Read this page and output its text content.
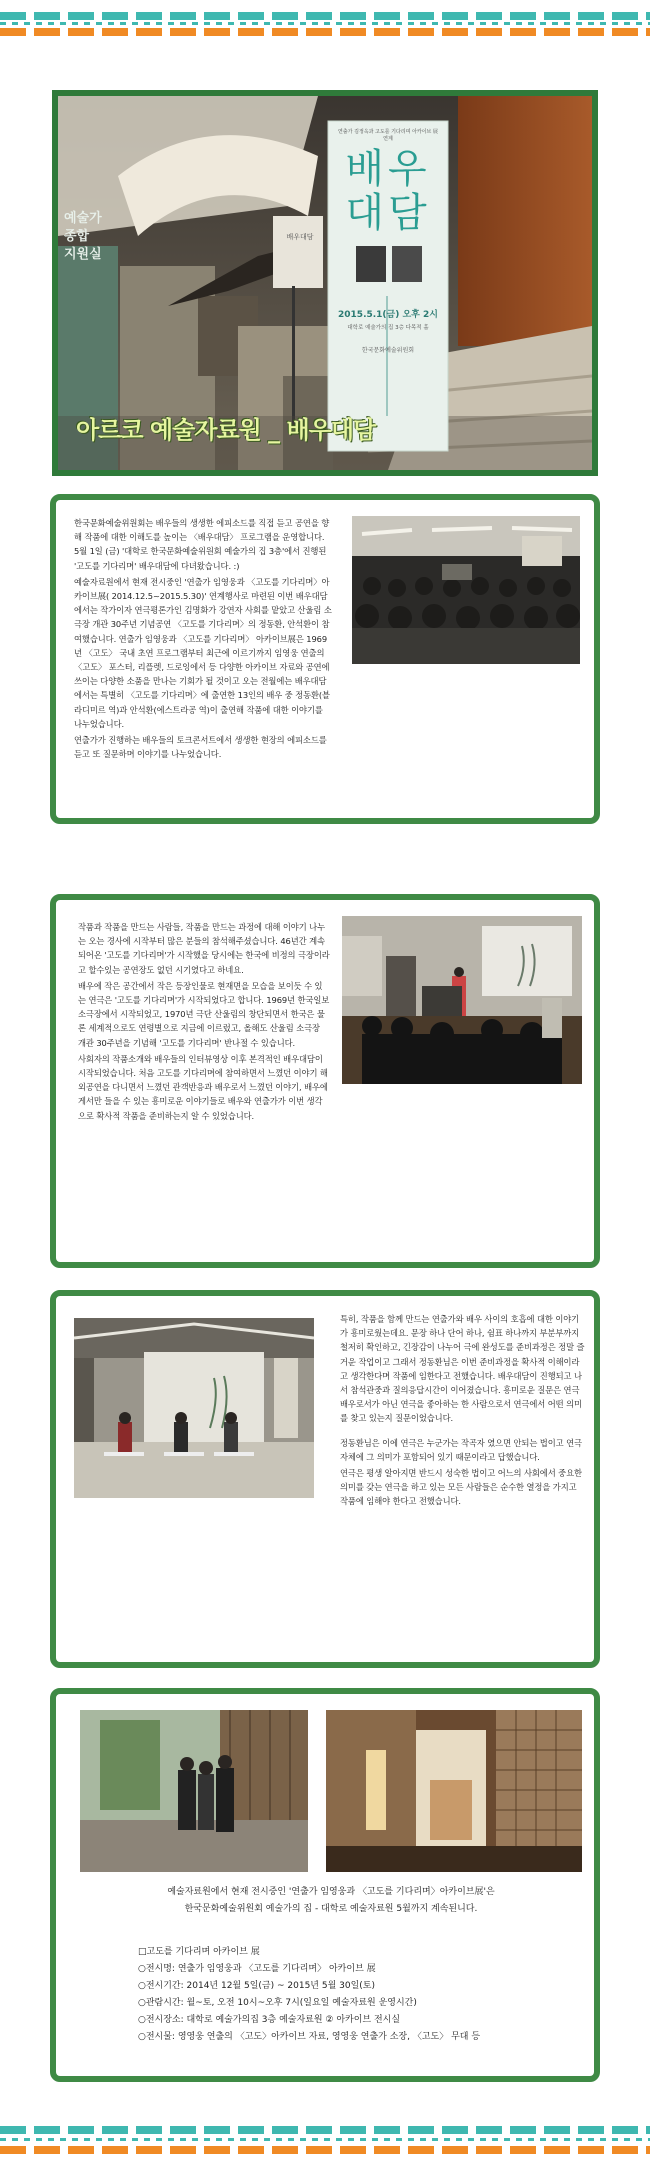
예술가
종합
지원실
배우대담
연출가 김정옥과 고도를 기다리며 아카이브 展 연계
배우
대담
2015.5.1(금) 오후 2시
대학로 예술가의 집 3층 다목적 홀
한국문화예술위원회
아르코 예술자료원 _ 배우대담

한국문화예술위원회는 배우들의 생생한 에피소드를 직접 듣고 공연을 향해 작품에 대한 이해도를 높이는 〈배우대담〉 프로그램을 운영합니다. 5월 1일 (금) '대학로 한국문화예술위원회 예술가의 집 3층'에서 진행된 '고도를 기다리며' 배우대담에 다녀왔습니다. :)

예술자료원에서 현재 전시중인 '연출가 임영웅과 〈고도를 기다리며〉아카이브展( 2014.12.5~2015.5.30)' 연계행사로 마련된 이번 배우대담에서는 작가이자 연극평론가인 김명화가 강연자 사회를 맡았고 산울림 소극장 개관 30주년 기념공연 〈고도를 기다리며〉의 정동환, 안석환이 참여했습니다. 연출가 임영웅과 〈고도를 기다리며〉 아카이브展은 1969년 〈고도〉 국내 초연 프로그램부터 최근에 이르기까지 임영웅 연출의 〈고도〉 포스터, 리플렛, 드로잉에서 등 다양한 아카이브 자료와 공연에 쓰이는 다양한 소품을 만나는 기회가 될 것이고 오는 전월에는 배우대담에서는 특별히 〈고도를 기다리며〉에 출연한 13인의 배우 중 정동환(블라디미르 역)과 안석환(에스트라공 역)이 출연해 작품에 대한 이야기를 나누었습니다.

연출가가 진행하는 배우들의 토크콘서트에서 생생한 현장의 에피소드를 듣고 또 질문하며 이야기를 나누었습니다.

작품과 작품을 만드는 사람들, 작품을 만드는 과정에 대해 이야기 나누는 오는 경사에 시작부터 많은 분들의 참석해주셨습니다. 46년간 계속되어온 '고도를 기다리며'가 시작했을 당시에는 한국에 비정의 극장이라고 할수있는 공연장도 없던 시기였다고 하네요.

배우에 작은 공간에서 작은 등장인물로 현재면을 모습을 보이듯 수 있는 연극은 '고도를 기다리며'가 시작되었다고 합니다. 1969년 한국일보 소극장에서 시작되었고, 1970년 극단 산울림의 창단되면서 한국은 물론 세계적으로도 연령별으로 지금에 이르렀고, 올해도 산울림 소극장 개관 30주년을 기념해 '고도를 기다리며' 반나절 수 있습니다.

사회자의 작품소개와 배우들의 인터뷰영상 이후 본격적인 배우대담이 시작되었습니다. 처음 고도를 기다리며에 참여하면서 느꼈던 이야기 해외공연을 다니면서 느꼈던 관객반응과 배우로서 느꼈던 이야기, 배우에게서만 들을 수 있는 흥미로운 이야기들로 배우와 연출가가 이번 생각으로 확사적 작품을 준비하는지 알 수 있었습니다.

특히, 작품을 함께 만드는 연출가와 배우 사이의 호흡에 대한 이야기가 흥미로웠는데요. 문장 하나 단어 하나, 쉼표 하나까지 부분부까지 철저히 확인하고, 긴장감이 나누어 극에 완성도를 준비과정은 정말 즐거운 작업이고 그래서 정동환님은 이번 준비과정을 확사적 이해이라고 생각한다며 작품에 임한다고 전했습니다. 배우대담이 진행되고 나서 참석관중과 질의응답시간이 이어졌습니다. 흥미로운 질문은 연극배우로서가 아닌 연극을 좋아하는 한 사람으로서 연극에서 어떤 의미를 찾고 있는지 질문이었습니다.

정동환님은 이에 연극은 누군가는 작곡자 였으면 안되는 법이고 연극자체에 그 의미가 포함되어 있기 때문이라고 답했습니다.

연극은 평생 알아지면 반드시 성숙한 법이고 어느의 사회에서 중요한 의미를 갖는 연극을 하고 있는 모든 사람들은 순수한 열정을 가지고 작품에 임해야 한다고 전했습니다.

예술자료원에서 현재 전시중인 '연출가 임영웅과 〈고도를 기다리며〉아카이브展'은
한국문화예술위원회 예술가의 집 - 대학로 예술자료원 5월까지 계속된니다.
□고도를 기다리며 아카이브 展
○전시명: 연출가 임영웅과 〈고도를 기다리며〉 아카이브 展
○전시기간: 2014년 12월 5일(금) ~ 2015년 5월 30일(토)
○관람시간: 월~토, 오전 10시~오후 7시(일요일 예술자료원 운영시간)
○전시장소: 대학로 예술가의집 3층 예술자료원 ② 아카이브 전시실
○전시물: 영영웅 연출의 〈고도〉아카이브 자료, 영영웅 연출가 소장, 〈고도〉 무대 등
